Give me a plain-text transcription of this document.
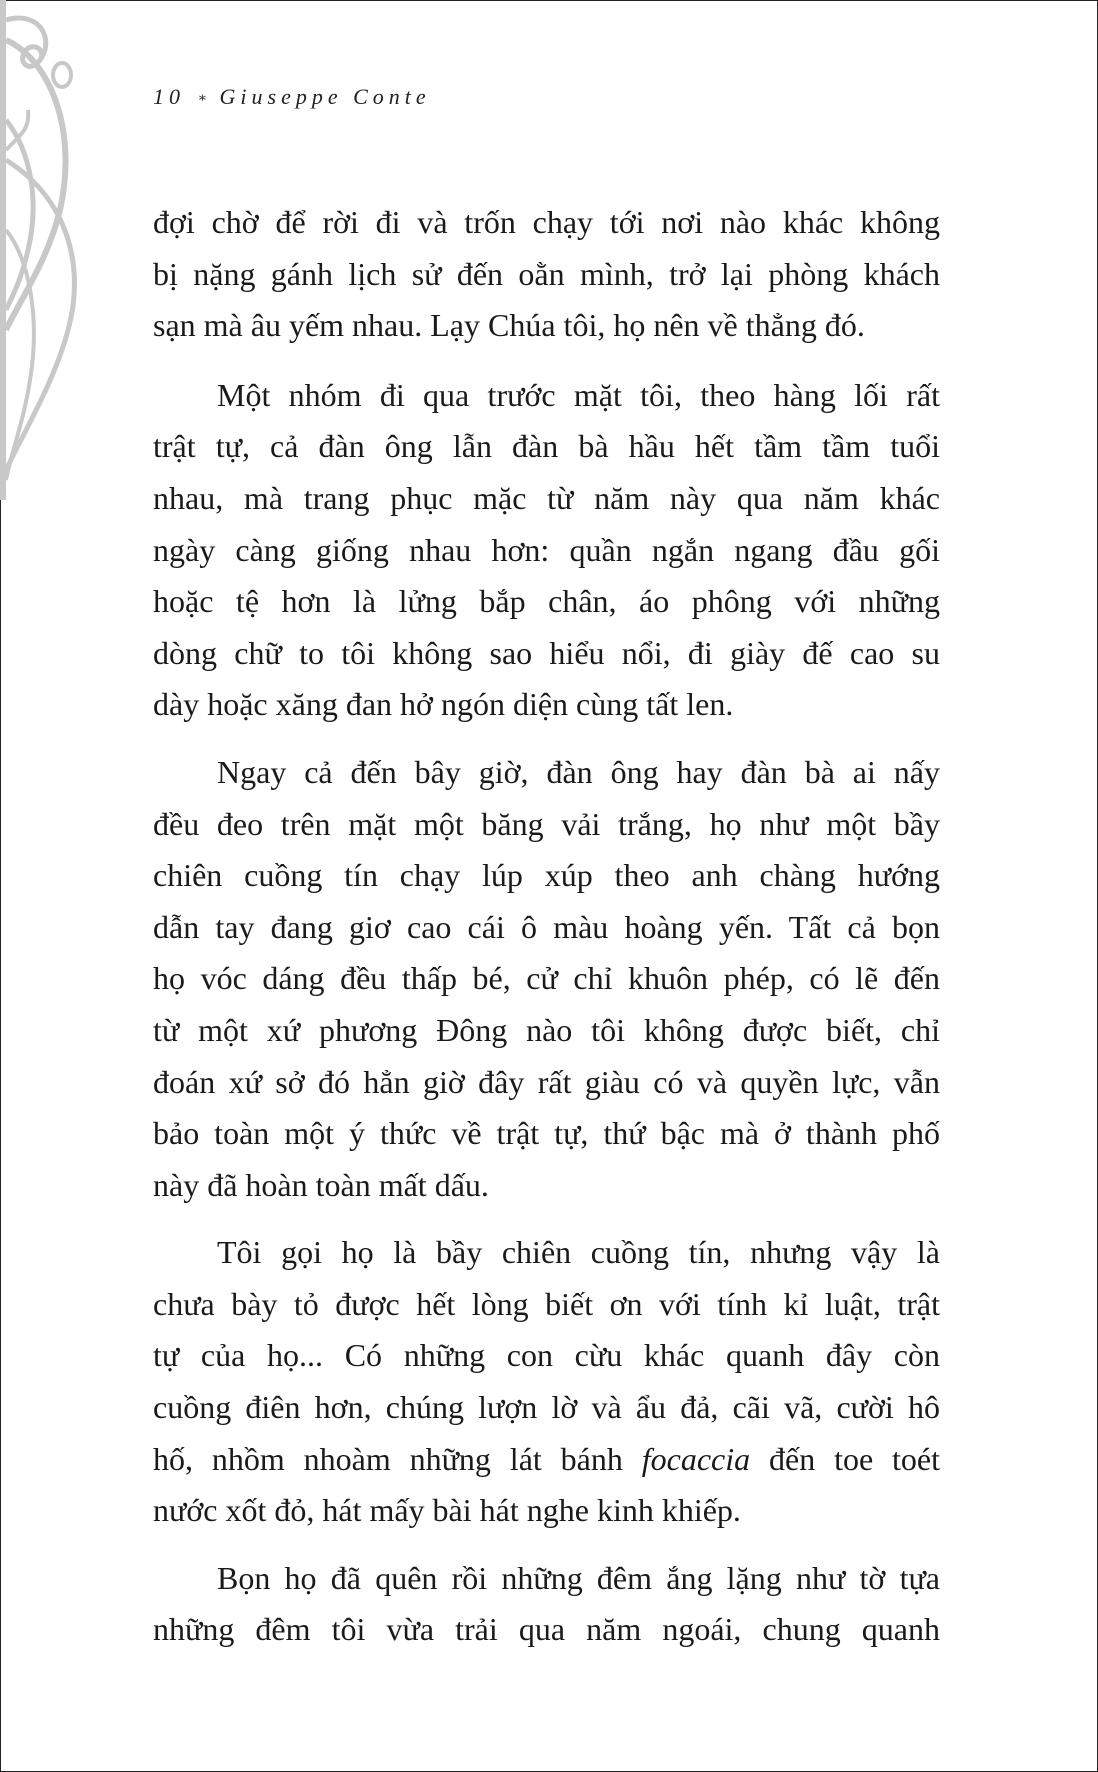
10 ∗ Giuseppe Conte
đợi chờ để rời đi và trốn chạy tới nơi nào khác không
bị nặng gánh lịch sử đến oằn mình, trở lại phòng khách
sạn mà âu yếm nhau. Lạy Chúa tôi, họ nên về thẳng đó.
Một nhóm đi qua trước mặt tôi, theo hàng lối rất
trật tự, cả đàn ông lẫn đàn bà hầu hết tầm tầm tuổi
nhau, mà trang phục mặc từ năm này qua năm khác
ngày càng giống nhau hơn: quần ngắn ngang đầu gối
hoặc tệ hơn là lửng bắp chân, áo phông với những
dòng chữ to tôi không sao hiểu nổi, đi giày đế cao su
dày hoặc xăng đan hở ngón diện cùng tất len.
Ngay cả đến bây giờ, đàn ông hay đàn bà ai nấy
đều đeo trên mặt một băng vải trắng, họ như một bầy
chiên cuồng tín chạy lúp xúp theo anh chàng hướng
dẫn tay đang giơ cao cái ô màu hoàng yến. Tất cả bọn
họ vóc dáng đều thấp bé, cử chỉ khuôn phép, có lẽ đến
từ một xứ phương Đông nào tôi không được biết, chỉ
đoán xứ sở đó hẳn giờ đây rất giàu có và quyền lực, vẫn
bảo toàn một ý thức về trật tự, thứ bậc mà ở thành phố
này đã hoàn toàn mất dấu.
Tôi gọi họ là bầy chiên cuồng tín, nhưng vậy là
chưa bày tỏ được hết lòng biết ơn với tính kỉ luật, trật
tự của họ... Có những con cừu khác quanh đây còn
cuồng điên hơn, chúng lượn lờ và ẩu đả, cãi vã, cười hô
hố, nhồm nhoàm những lát bánh focaccia đến toe toét
nước xốt đỏ, hát mấy bài hát nghe kinh khiếp.
Bọn họ đã quên rồi những đêm ắng lặng như tờ tựa
những đêm tôi vừa trải qua năm ngoái, chung quanh
